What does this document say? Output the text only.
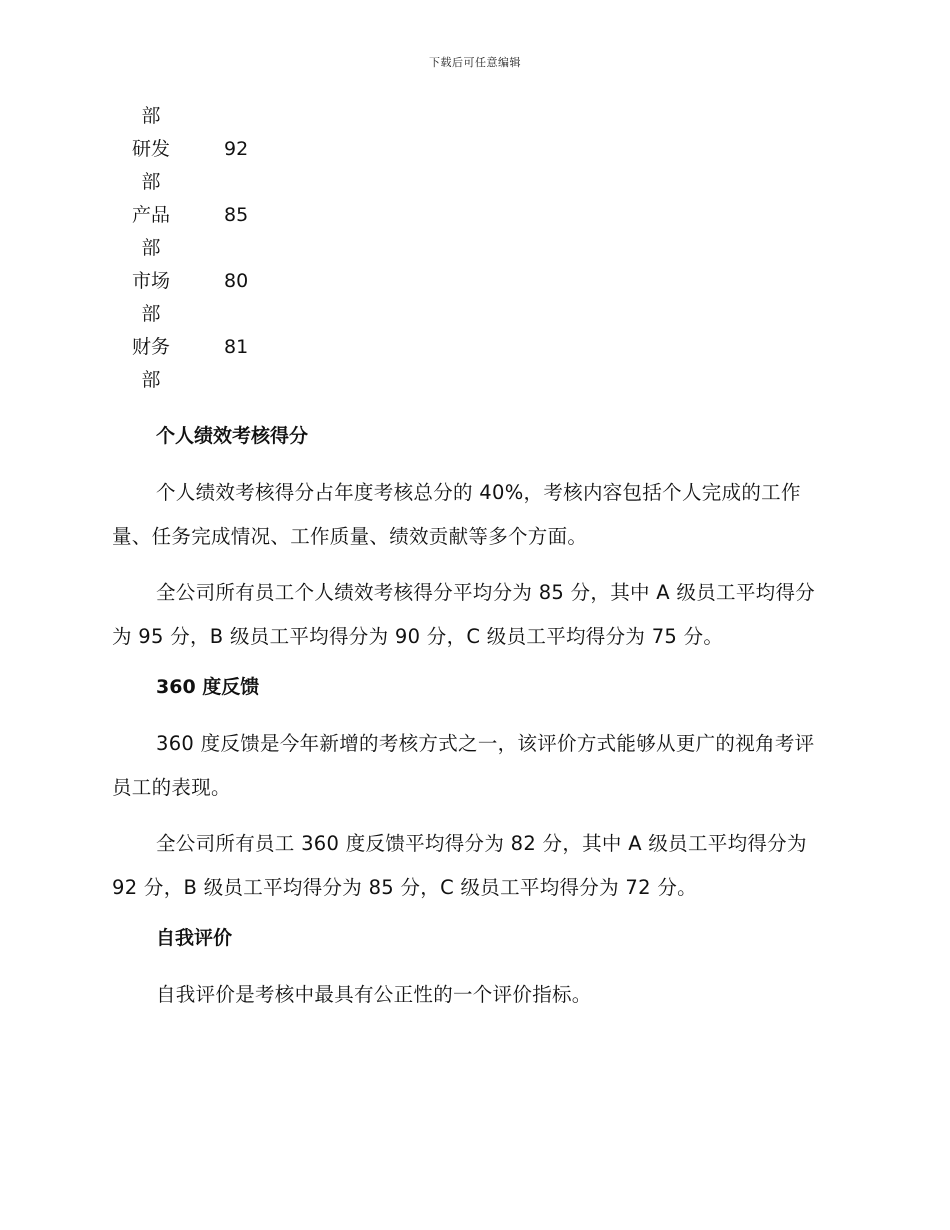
下载后可任意编辑
部
研发
部
92
产品
部
85
市场
部
80
财务
部
81
个人绩效考核得分

个人绩效考核得分占年度考核总分的 40%，考核内容包括个人完成的工作量、任务完成情况、工作质量、绩效贡献等多个方面。

全公司所有员工个人绩效考核得分平均分为 85 分，其中 A 级员工平均得分为 95 分，B 级员工平均得分为 90 分，C 级员工平均得分为 75 分。

360 度反馈

360 度反馈是今年新增的考核方式之一，该评价方式能够从更广的视角考评员工的表现。

全公司所有员工 360 度反馈平均得分为 82 分，其中 A 级员工平均得分为 92 分，B 级员工平均得分为 85 分，C 级员工平均得分为 72 分。

自我评价

自我评价是考核中最具有公正性的一个评价指标。
